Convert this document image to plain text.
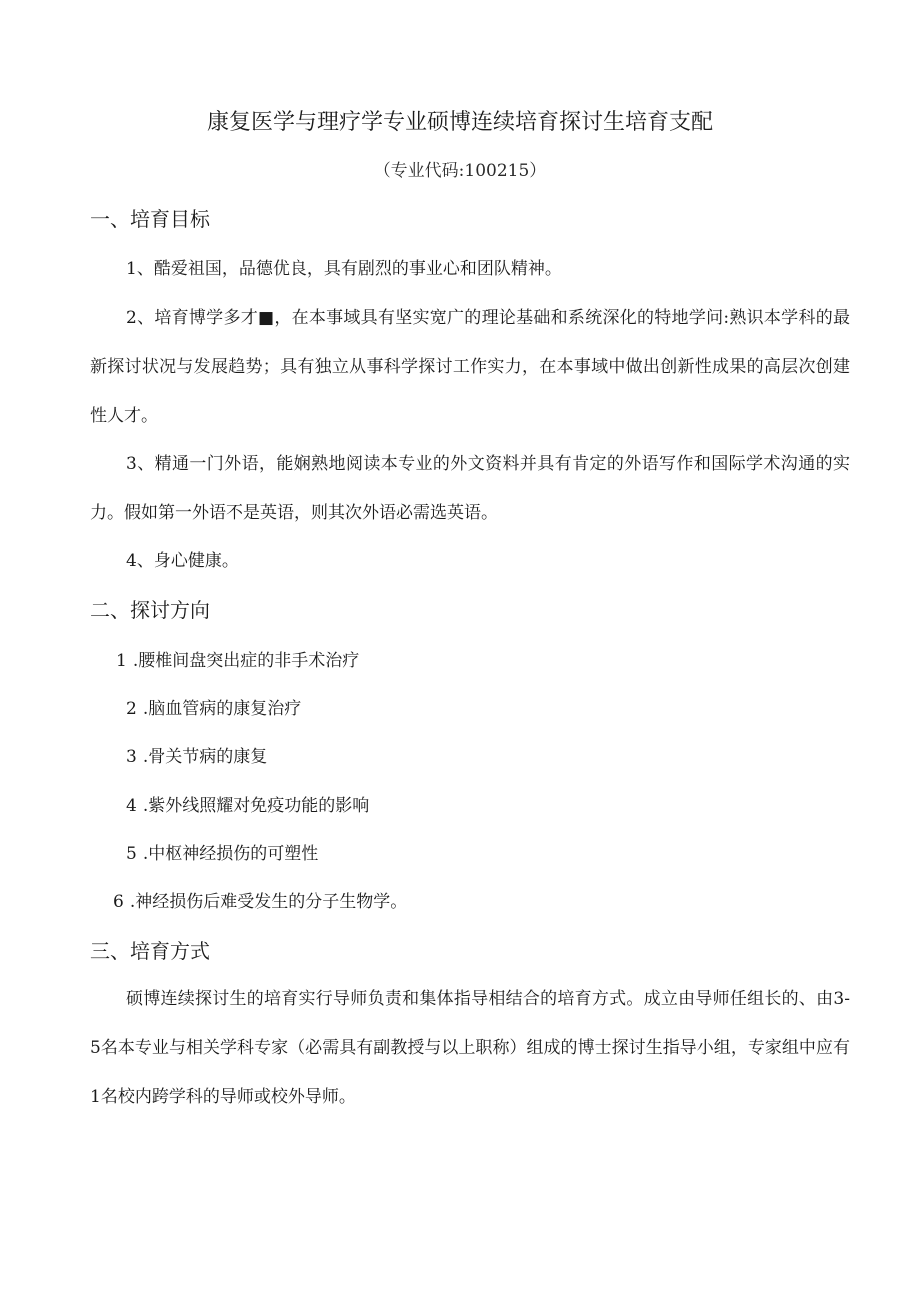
康复医学与理疗学专业硕博连续培育探讨生培育支配
（专业代码:100215）
一、培育目标
1、酷爱祖国，品德优良，具有剧烈的事业心和团队精神。
2、培育博学多才■，在本事域具有坚实宽广的理论基础和系统深化的特地学问:熟识本学科的最新探讨状况与发展趋势；具有独立从事科学探讨工作实力，在本事域中做出创新性成果的高层次创建性人才。
3、精通一门外语，能娴熟地阅读本专业的外文资料并具有肯定的外语写作和国际学术沟通的实力。假如第一外语不是英语，则其次外语必需选英语。
4、身心健康。
二、探讨方向
1 .腰椎间盘突出症的非手术治疗
2 .脑血管病的康复治疗
3 .骨关节病的康复
4 .紫外线照耀对免疫功能的影响
5 .中枢神经损伤的可塑性
6 .神经损伤后难受发生的分子生物学。
三、培育方式
硕博连续探讨生的培育实行导师负责和集体指导相结合的培育方式。成立由导师任组长的、由3-5名本专业与相关学科专家（必需具有副教授与以上职称）组成的博士探讨生指导小组，专家组中应有1名校内跨学科的导师或校外导师。
